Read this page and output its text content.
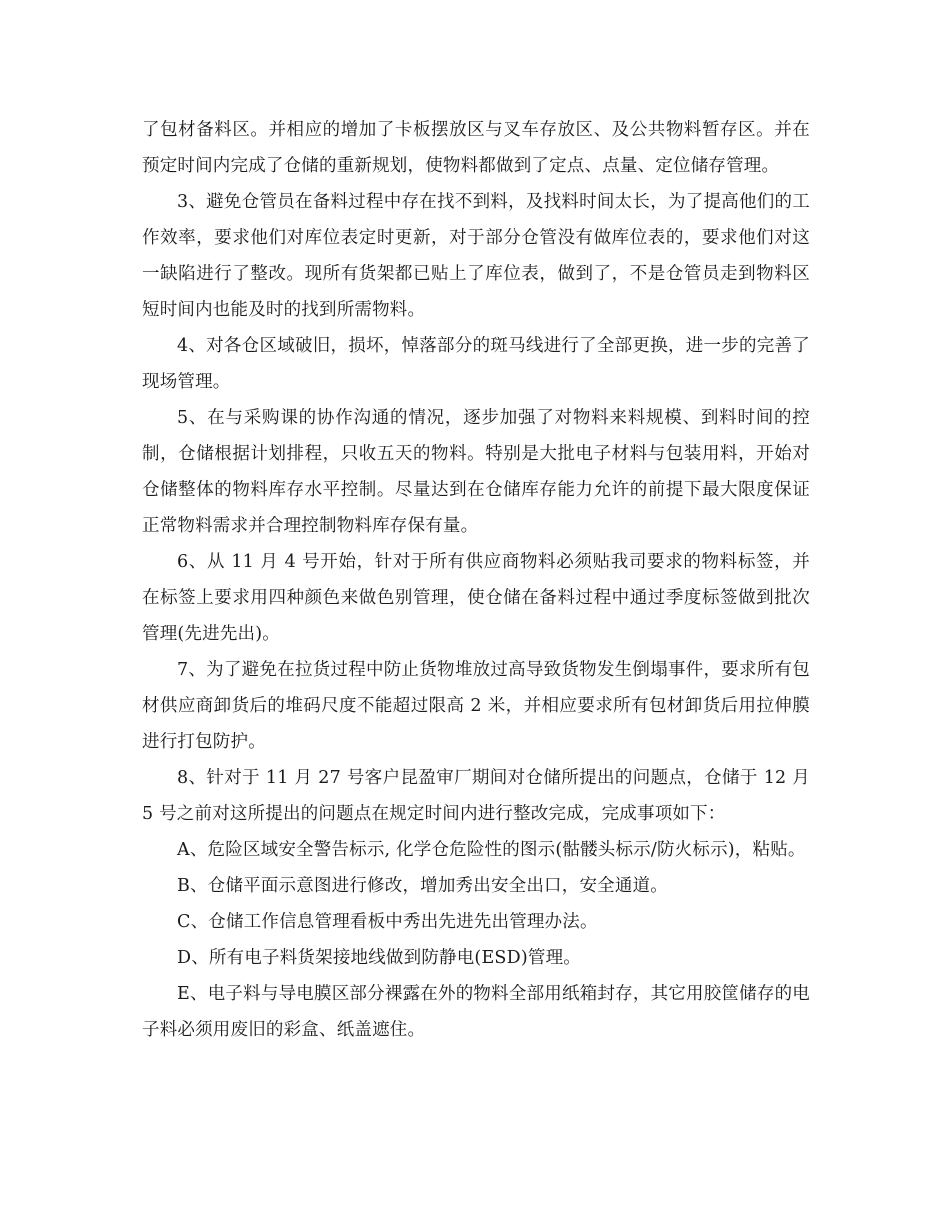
了包材备料区。并相应的增加了卡板摆放区与叉车存放区、及公共物料暂存区。并在预定时间内完成了仓储的重新规划，使物料都做到了定点、点量、定位储存管理。

3、避免仓管员在备料过程中存在找不到料，及找料时间太长，为了提高他们的工作效率，要求他们对库位表定时更新，对于部分仓管没有做库位表的，要求他们对这一缺陷进行了整改。现所有货架都已贴上了库位表，做到了，不是仓管员走到物料区短时间内也能及时的找到所需物料。

4、对各仓区域破旧，损坏，悼落部分的斑马线进行了全部更换，进一步的完善了现场管理。

5、在与采购课的协作沟通的情况，逐步加强了对物料来料规模、到料时间的控制，仓储根据计划排程，只收五天的物料。特别是大批电子材料与包装用料，开始对仓储整体的物料库存水平控制。尽量达到在仓储库存能力允许的前提下最大限度保证正常物料需求并合理控制物料库存保有量。

6、从 11 月 4 号开始，针对于所有供应商物料必须贴我司要求的物料标签，并在标签上要求用四种颜色来做色别管理，使仓储在备料过程中通过季度标签做到批次管理(先进先出)。

7、为了避免在拉货过程中防止货物堆放过高导致货物发生倒塌事件，要求所有包材供应商卸货后的堆码尺度不能超过限高 2 米，并相应要求所有包材卸货后用拉伸膜进行打包防护。

8、针对于 11 月 27 号客户昆盈审厂期间对仓储所提出的问题点，仓储于 12 月 5 号之前对这所提出的问题点在规定时间内进行整改完成，完成事项如下：

A、危险区域安全警告标示, 化学仓危险性的图示(骷髅头标示/防火标示)，粘贴。

B、仓储平面示意图进行修改，增加秀出安全出口，安全通道。

C、仓储工作信息管理看板中秀出先进先出管理办法。

D、所有电子料货架接地线做到防静电(ESD)管理。

E、电子料与导电膜区部分裸露在外的物料全部用纸箱封存，其它用胶筐储存的电子料必须用废旧的彩盒、纸盖遮住。
